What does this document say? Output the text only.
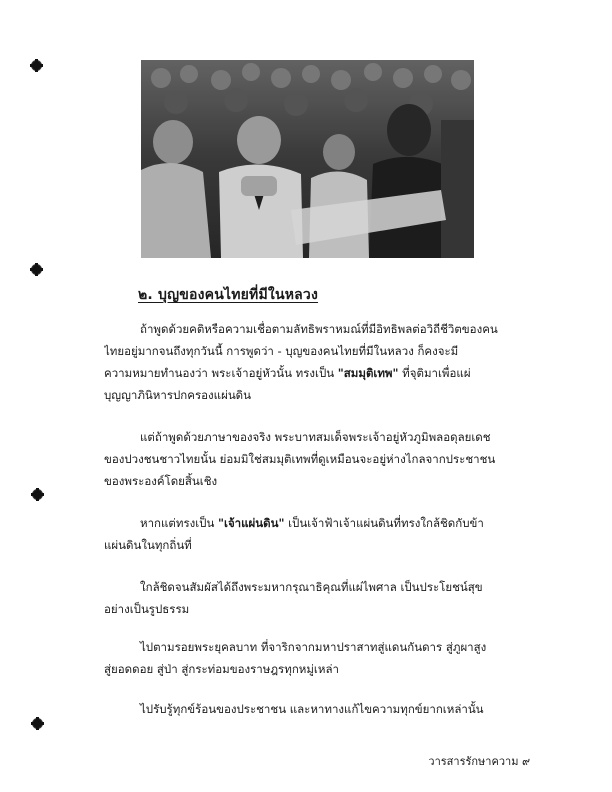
๒. บุญของคนไทยที่มีในหลวง

ถ้าพูดด้วยคติหรือความเชื่อตามลัทธิพราหมณ์ที่มีอิทธิพลต่อวิถีชีวิตของคน
ไทยอยู่มากจนถึงทุกวันนี้ การพูดว่า - บุญของคนไทยที่มีในหลวง ก็คงจะมี
ความหมายทำนองว่า พระเจ้าอยู่หัวนั้น ทรงเป็น "สมมุติเทพ" ที่จุติมาเพื่อแผ่
บุญญาภินิหารปกครองแผ่นดิน

แต่ถ้าพูดด้วยภาษาของจริง พระบาทสมเด็จพระเจ้าอยู่หัวภูมิพลอดุลยเดช
ของปวงชนชาวไทยนั้น ย่อมมิใช่สมมุติเทพที่ดูเหมือนจะอยู่ห่างไกลจากประชาชน
ของพระองค์โดยสิ้นเชิง

หากแต่ทรงเป็น "เจ้าแผ่นดิน" เป็นเจ้าฟ้าเจ้าแผ่นดินที่ทรงใกล้ชิดกับข้า
แผ่นดินในทุกถิ่นที่

ใกล้ชิดจนสัมผัสได้ถึงพระมหากรุณาธิคุณที่แผ่ไพศาล เป็นประโยชน์สุข
อย่างเป็นรูปธรรม

ไปตามรอยพระยุคลบาท ที่จาริกจากมหาปราสาทสู่แดนกันดาร สู่ภูผาสูง
สู่ยอดดอย สู่ป่า สู่กระท่อมของราษฎรทุกหมู่เหล่า

ไปรับรู้ทุกข์ร้อนของประชาชน และหาทางแก้ไขความทุกข์ยากเหล่านั้น

วารสารรักษาความ ๙
